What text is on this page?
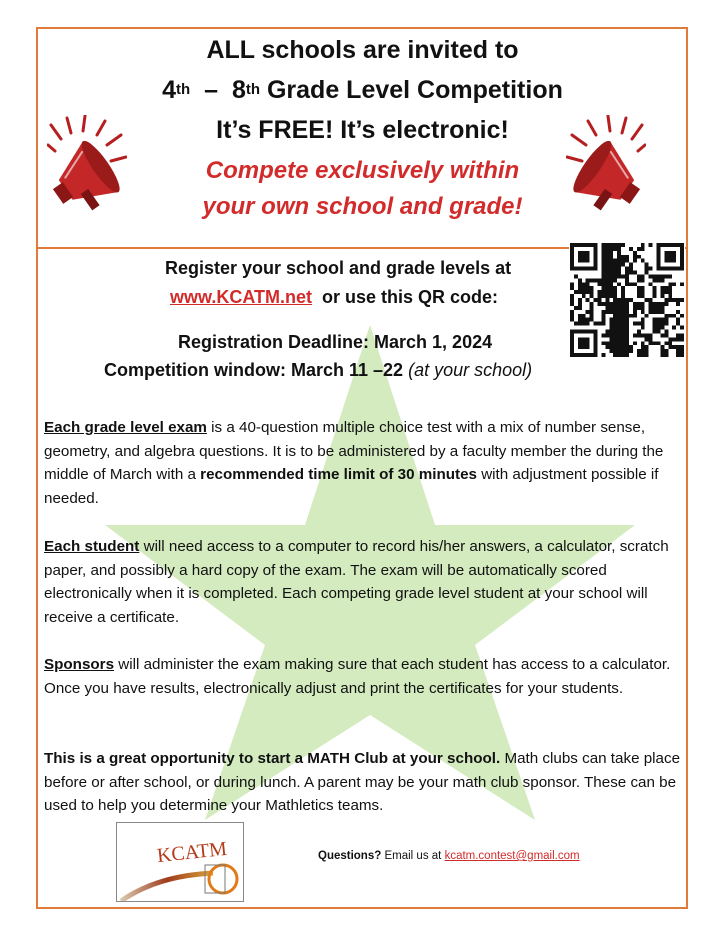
ALL schools are invited to
4th – 8th Grade Level Competition
It’s FREE! It’s electronic!
Compete exclusively within
your own school and grade!
Register your school and grade levels at
www.KCATM.net or use this QR code:
Registration Deadline: March 1, 2024
Competition window: March 11 –22 (at your school)
Each grade level exam is a 40-question multiple choice test with a mix of number sense, geometry, and algebra questions. It is to be administered by a faculty member the during the middle of March with a recommended time limit of 30 minutes with adjustment possible if needed.
Each student will need access to a computer to record his/her answers, a calculator, scratch paper, and possibly a hard copy of the exam. The exam will be automatically scored electronically when it is completed. Each competing grade level student at your school will receive a certificate.
Sponsors will administer the exam making sure that each student has access to a calculator. Once you have results, electronically adjust and print the certificates for your students.
This is a great opportunity to start a MATH Club at your school. Math clubs can take place before or after school, or during lunch. A parent may be your math club sponsor. These can be used to help you determine your Mathletics teams.
KCATM	Questions? Email us at kcatm.contest@gmail.com
